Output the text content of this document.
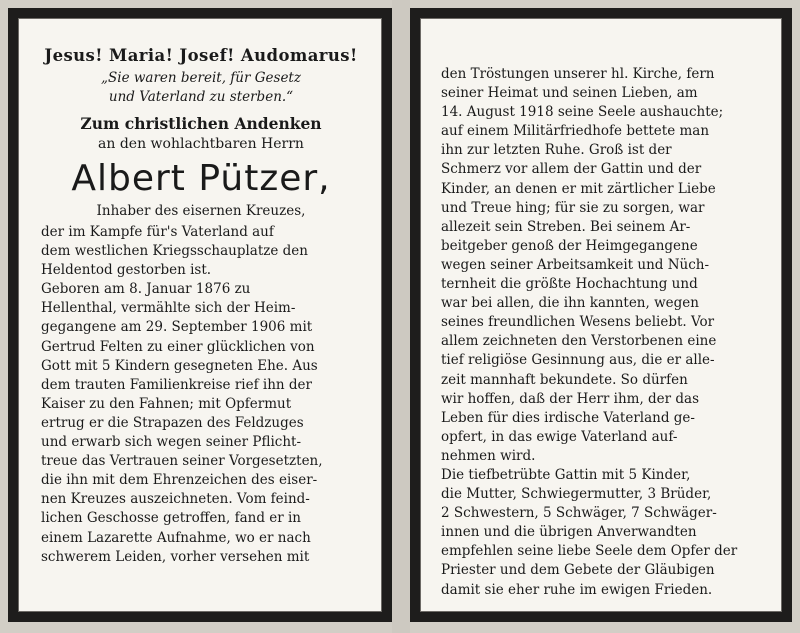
Jesus! Maria! Josef! Audomarus!
„Sie waren bereit, für Gesetz
und Vaterland zu sterben.“
Zum christlichen Andenken
an den wohlachtbaren Herrn
Albert Pützer,
Inhaber des eisernen Kreuzes,
der im Kampfe für's Vaterland auf
dem westlichen Kriegsschauplatze den
Heldentod gestorben ist.
Geboren am 8. Januar 1876 zu
Hellenthal, vermählte sich der Heim-
gegangene am 29. September 1906 mit
Gertrud Felten zu einer glücklichen von
Gott mit 5 Kindern gesegneten Ehe. Aus
dem trauten Familienkreise rief ihn der
Kaiser zu den Fahnen; mit Opfermut
ertrug er die Strapazen des Feldzuges
und erwarb sich wegen seiner Pflicht-
treue das Vertrauen seiner Vorgesetzten,
die ihn mit dem Ehrenzeichen des eiser-
nen Kreuzes auszeichneten. Vom feind-
lichen Geschosse getroffen, fand er in
einem Lazarette Aufnahme, wo er nach
schwerem Leiden, vorher versehen mit
den Tröstungen unserer hl. Kirche, fern
seiner Heimat und seinen Lieben, am
14. August 1918 seine Seele aushauchte;
auf einem Militärfriedhofe bettete man
ihn zur letzten Ruhe. Groß ist der
Schmerz vor allem der Gattin und der
Kinder, an denen er mit zärtlicher Liebe
und Treue hing; für sie zu sorgen, war
allezeit sein Streben. Bei seinem Ar-
beitgeber genoß der Heimgegangene
wegen seiner Arbeitsamkeit und Nüch-
ternheit die größte Hochachtung und
war bei allen, die ihn kannten, wegen
seines freundlichen Wesens beliebt. Vor
allem zeichneten den Verstorbenen eine
tief religiöse Gesinnung aus, die er alle-
zeit mannhaft bekundete. So dürfen
wir hoffen, daß der Herr ihm, der das
Leben für dies irdische Vaterland ge-
opfert, in das ewige Vaterland auf-
nehmen wird.
Die tiefbetrübte Gattin mit 5 Kinder,
die Mutter, Schwiegermutter, 3 Brüder,
2 Schwestern, 5 Schwäger, 7 Schwäger-
innen und die übrigen Anverwandten
empfehlen seine liebe Seele dem Opfer der
Priester und dem Gebete der Gläubigen
damit sie eher ruhe im ewigen Frieden.
